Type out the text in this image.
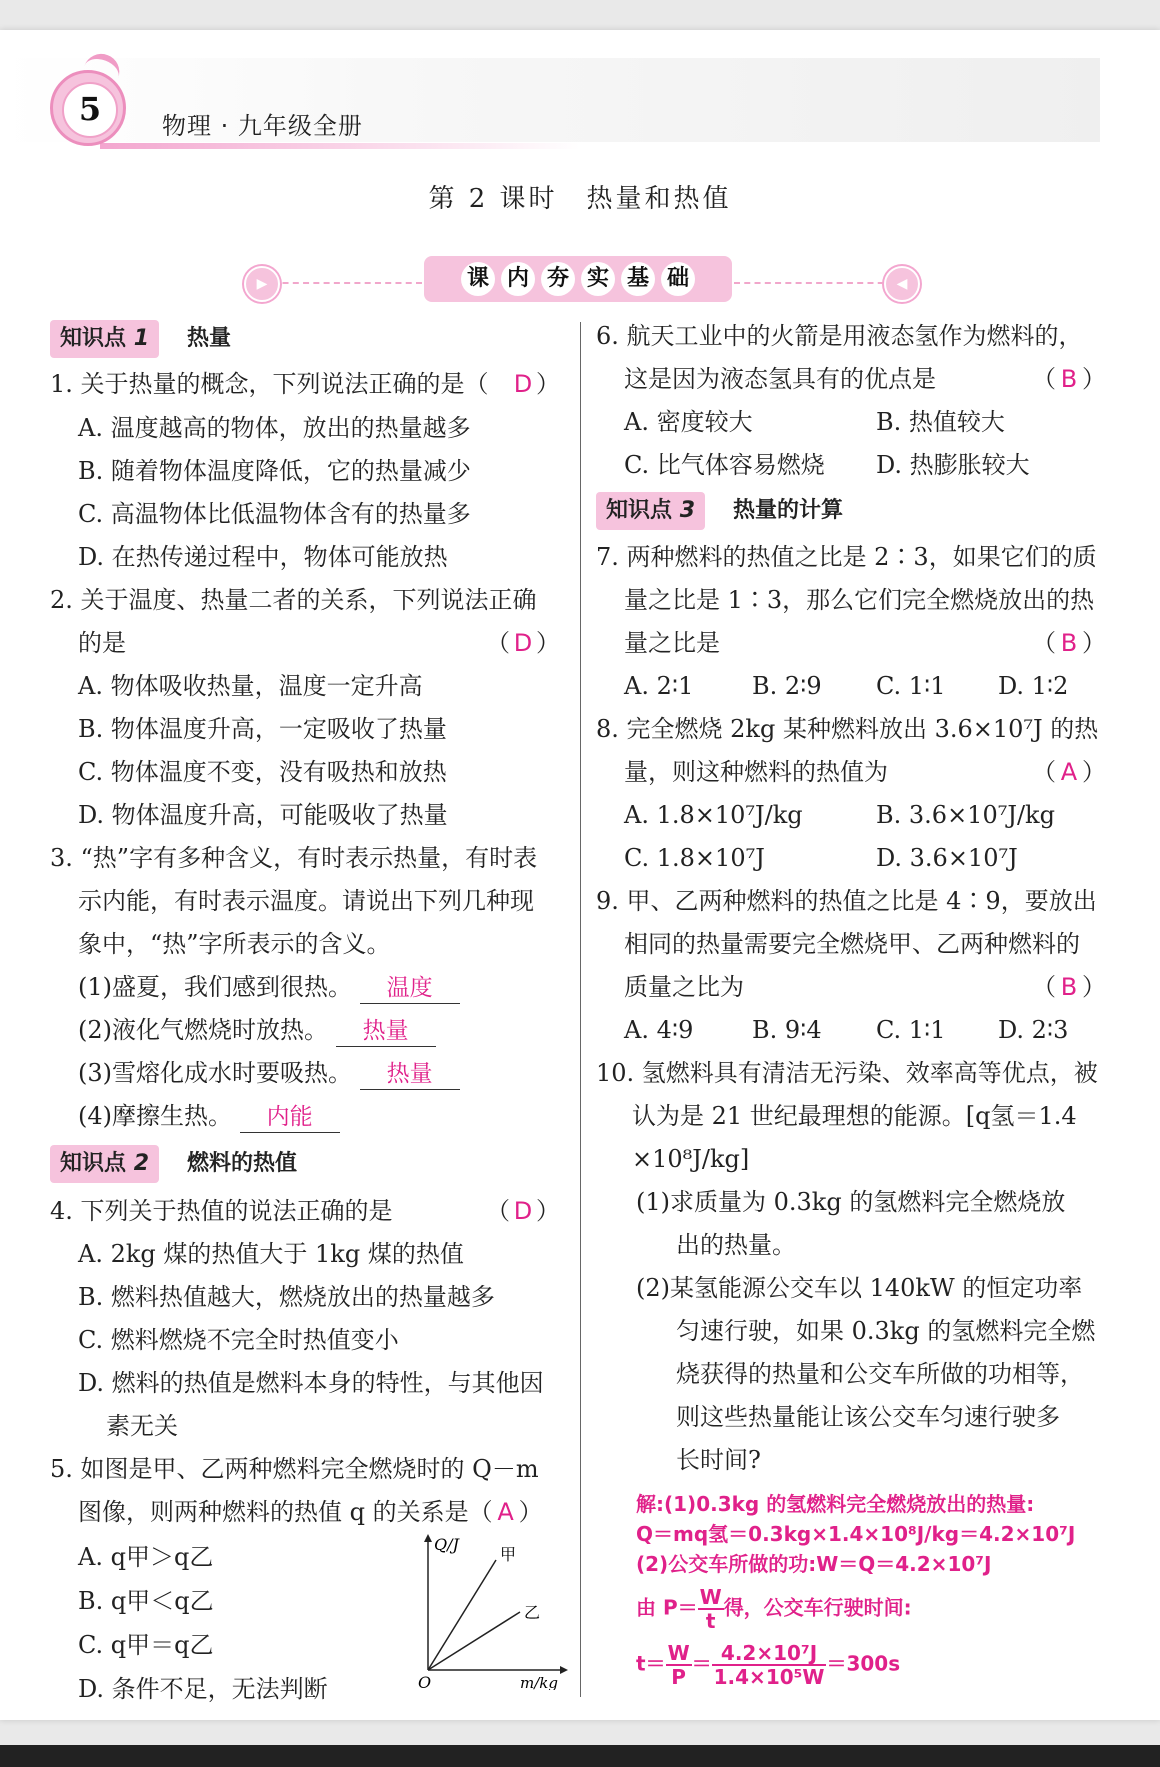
5	物理 · 九年级全册
第 2 课时　热量和热值
▶	◀
课 内 夯 实 基 础
知识点 1 热量
1. 关于热量的概念，下列说法正确的是（ D ）
A. 温度越高的物体，放出的热量越多
B. 随着物体温度降低，它的热量减少
C. 高温物体比低温物体含有的热量多
D. 在热传递过程中，物体可能放热
2. 关于温度、热量二者的关系，下列说法正确
的是	（ D ）
A. 物体吸收热量，温度一定升高
B. 物体温度升高，一定吸收了热量
C. 物体温度不变，没有吸热和放热
D. 物体温度升高，可能吸收了热量
3. “热”字有多种含义，有时表示热量，有时表
示内能，有时表示温度。请说出下列几种现
象中，“热”字所表示的含义。
(1)盛夏，我们感到很热。 温度
(2)液化气燃烧时放热。 热量
(3)雪熔化成水时要吸热。 热量
(4)摩擦生热。 内能
知识点 2 燃料的热值
4. 下列关于热值的说法正确的是	（ D ）
A. 2kg 煤的热值大于 1kg 煤的热值
B. 燃料热值越大，燃烧放出的热量越多
C. 燃料燃烧不完全时热值变小
D. 燃料的热值是燃料本身的特性，与其他因
素无关
5. 如图是甲、乙两种燃料完全燃烧时的 Q－m
图像，则两种燃料的热值 q 的关系是（ A ）
A. q甲＞q乙
B. q甲＜q乙
C. q甲＝q乙
D. 条件不足，无法判断
Q/J
甲
乙
O	m/kg
6. 航天工业中的火箭是用液态氢作为燃料的，
这是因为液态氢具有的优点是	（ B ）
A. 密度较大	B. 热值较大
C. 比气体容易燃烧 D. 热膨胀较大
知识点 3 热量的计算
7. 两种燃料的热值之比是 2∶3，如果它们的质
量之比是 1∶3，那么它们完全燃烧放出的热
量之比是	（ B ）
A. 2∶1 B. 2∶9 C. 1∶1 D. 1∶2
8. 完全燃烧 2kg 某种燃料放出 3.6×10⁷J 的热
量，则这种燃料的热值为	（ A ）
A. 1.8×10⁷J/kg	B. 3.6×10⁷J/kg
C. 1.8×10⁷J	D. 3.6×10⁷J
9. 甲、乙两种燃料的热值之比是 4∶9，要放出
相同的热量需要完全燃烧甲、乙两种燃料的
质量之比为	（ B ）
A. 4∶9 B. 9∶4 C. 1∶1 D. 2∶3
10. 氢燃料具有清洁无污染、效率高等优点，被
认为是 21 世纪最理想的能源。[q氢＝1.4
×10⁸J/kg]
(1)求质量为 0.3kg 的氢燃料完全燃烧放
出的热量。
(2)某氢能源公交车以 140kW 的恒定功率
匀速行驶，如果 0.3kg 的氢燃料完全燃
烧获得的热量和公交车所做的功相等，
则这些热量能让该公交车匀速行驶多
长时间?
解:(1)0.3kg 的氢燃料完全燃烧放出的热量:
Q＝mq氢＝0.3kg×1.4×10⁸J/kg＝4.2×10⁷J
(2)公交车所做的功:W＝Q＝4.2×10⁷J
由 $P= \frac{W}{t}$ 得，公交车行驶时间:
$t= \frac{W}{P} = \frac{\text{4.2×10⁷J}}{\text{1.4×10⁵W}} =300s$
